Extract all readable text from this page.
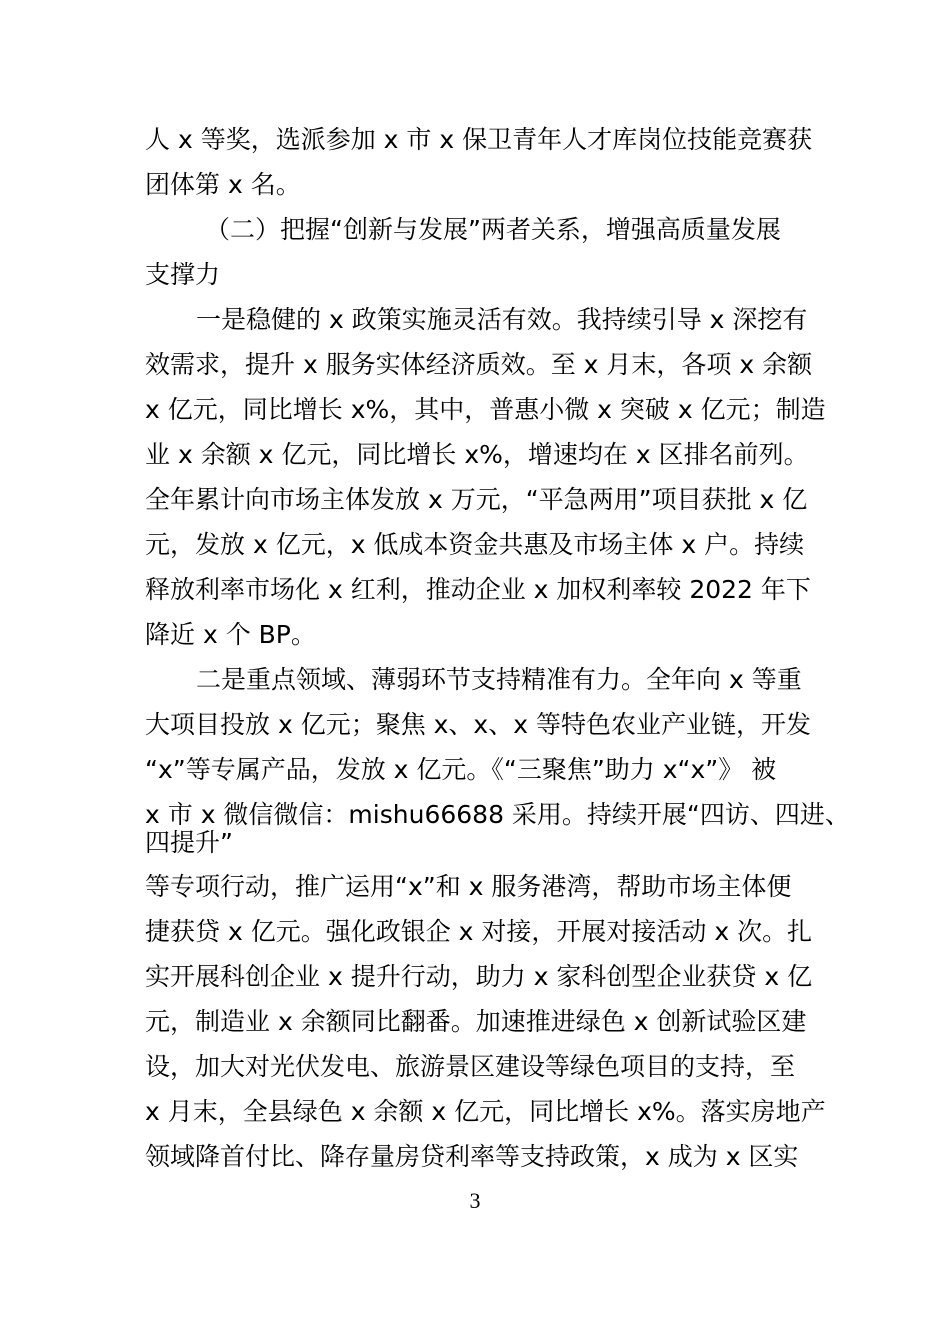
人 x 等奖，选派参加 x 市 x 保卫青年人才库岗位技能竞赛获
团体第 x 名。
（二）把握“创新与发展”两者关系，增强高质量发展
支撑力
一是稳健的 x 政策实施灵活有效。我持续引导 x 深挖有
效需求，提升 x 服务实体经济质效。至 x 月末，各项 x 余额
x 亿元，同比增长 x%，其中，普惠小微 x 突破 x 亿元；制造
业 x 余额 x 亿元，同比增长 x%，增速均在 x 区排名前列。
全年累计向市场主体发放 x 万元，“平急两用”项目获批 x 亿
元，发放 x 亿元，x 低成本资金共惠及市场主体 x 户。持续
释放利率市场化 x 红利，推动企业 x 加权利率较 2022 年下
降近 x 个 BP。
二是重点领域、薄弱环节支持精准有力。全年向 x 等重
大项目投放 x 亿元；聚焦 x、x、x 等特色农业产业链，开发
“x”等专属产品，发放 x 亿元。《“三聚焦”助力 x“x”》 被
x 市 x 微信微信：mishu66688 采用。持续开展“四访、四进、
四提升”
等专项行动，推广运用“x”和 x 服务港湾，帮助市场主体便
捷获贷 x 亿元。强化政银企 x 对接，开展对接活动 x 次。扎
实开展科创企业 x 提升行动，助力 x 家科创型企业获贷 x 亿
元，制造业 x 余额同比翻番。加速推进绿色 x 创新试验区建
设，加大对光伏发电、旅游景区建设等绿色项目的支持，至
x 月末，全县绿色 x 余额 x 亿元，同比增长 x%。落实房地产
领域降首付比、降存量房贷利率等支持政策，x 成为 x 区实
3
